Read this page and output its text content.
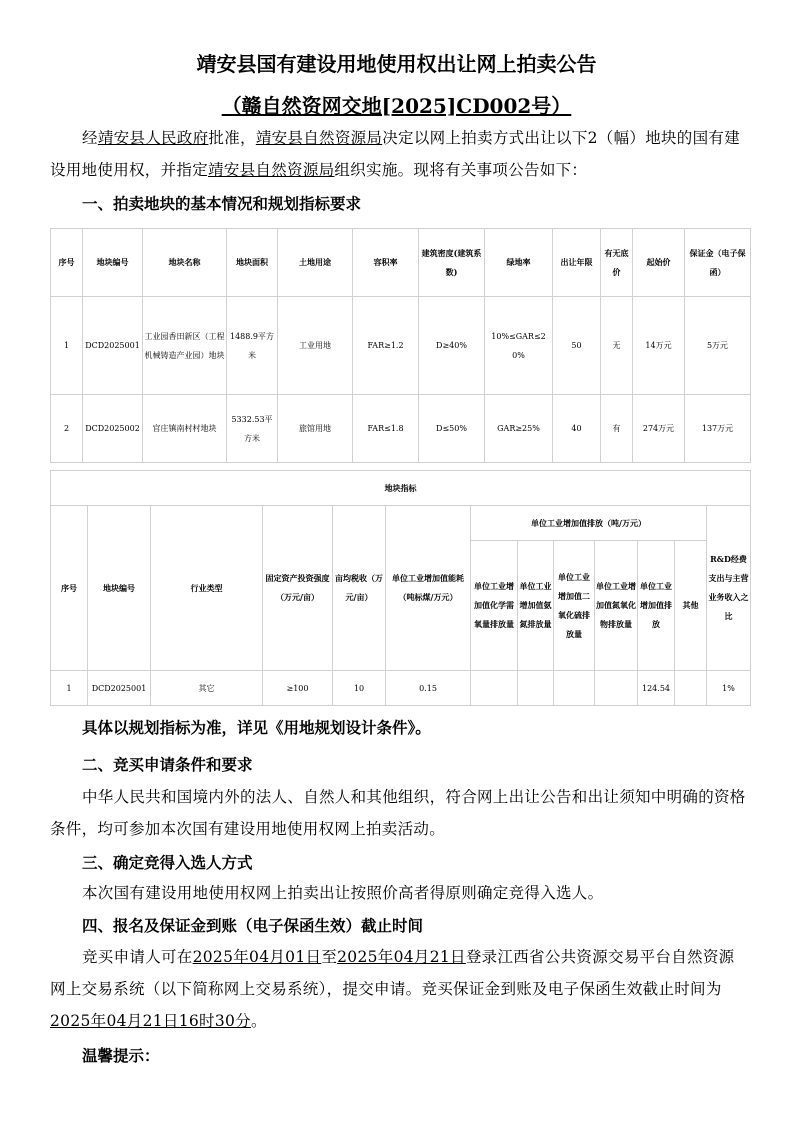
靖安县国有建设用地使用权出让网上拍卖公告
（赣自然资网交地[2025]CD002号）
经靖安县人民政府批准，靖安县自然资源局决定以网上拍卖方式出让以下2（幅）地块的国有建设用地使用权，并指定靖安县自然资源局组织实施。现将有关事项公告如下：
一、拍卖地块的基本情况和规划指标要求
序号	地块编号	地块名称	地块面积	土地用途	容积率	建筑密度(建筑系数)	绿地率	出让年限	有无底价	起始价	保证金（电子保函）
1	DCD2025001	工业园香田新区（工程机械铸造产业园）地块	1488.9平方米	工业用地	FAR≥1.2	D≥40%	10%≤GAR≤20%	50	无	14万元	5万元
2	DCD2025002	官庄镇南村村地块	5332.53平方米	旅馆用地	FAR≤1.8	D≤50%	GAR≥25%	40	有	274万元	137万元
地块指标												
序号	地块编号	行业类型	固定资产投资强度（万元/亩）	亩均税收（万元/亩）	单位工业增加值能耗（吨标煤/万元）	单位工业增加值排放（吨/万元）						R&D经费支出与主营业务收入之比
						单位工业增加值化学需氧量排放量	单位工业增加值氨氮排放量	单位工业增加值二氧化硫排放量	单位工业增加值氮氧化物排放量	单位工业增加值排放	其他	
1	DCD2025001	其它	≥100	10	0.15					124.54		1%
具体以规划指标为准，详见《用地规划设计条件》。
二、竞买申请条件和要求
中华人民共和国境内外的法人、自然人和其他组织，符合网上出让公告和出让须知中明确的资格条件，均可参加本次国有建设用地使用权网上拍卖活动。
三、确定竞得入选人方式
本次国有建设用地使用权网上拍卖出让按照价高者得原则确定竞得入选人。
四、报名及保证金到账（电子保函生效）截止时间
竞买申请人可在2025年04月01日至2025年04月21日登录江西省公共资源交易平台自然资源网上交易系统（以下简称网上交易系统），提交申请。竞买保证金到账及电子保函生效截止时间为2025年04月21日16时30分。
温馨提示：
